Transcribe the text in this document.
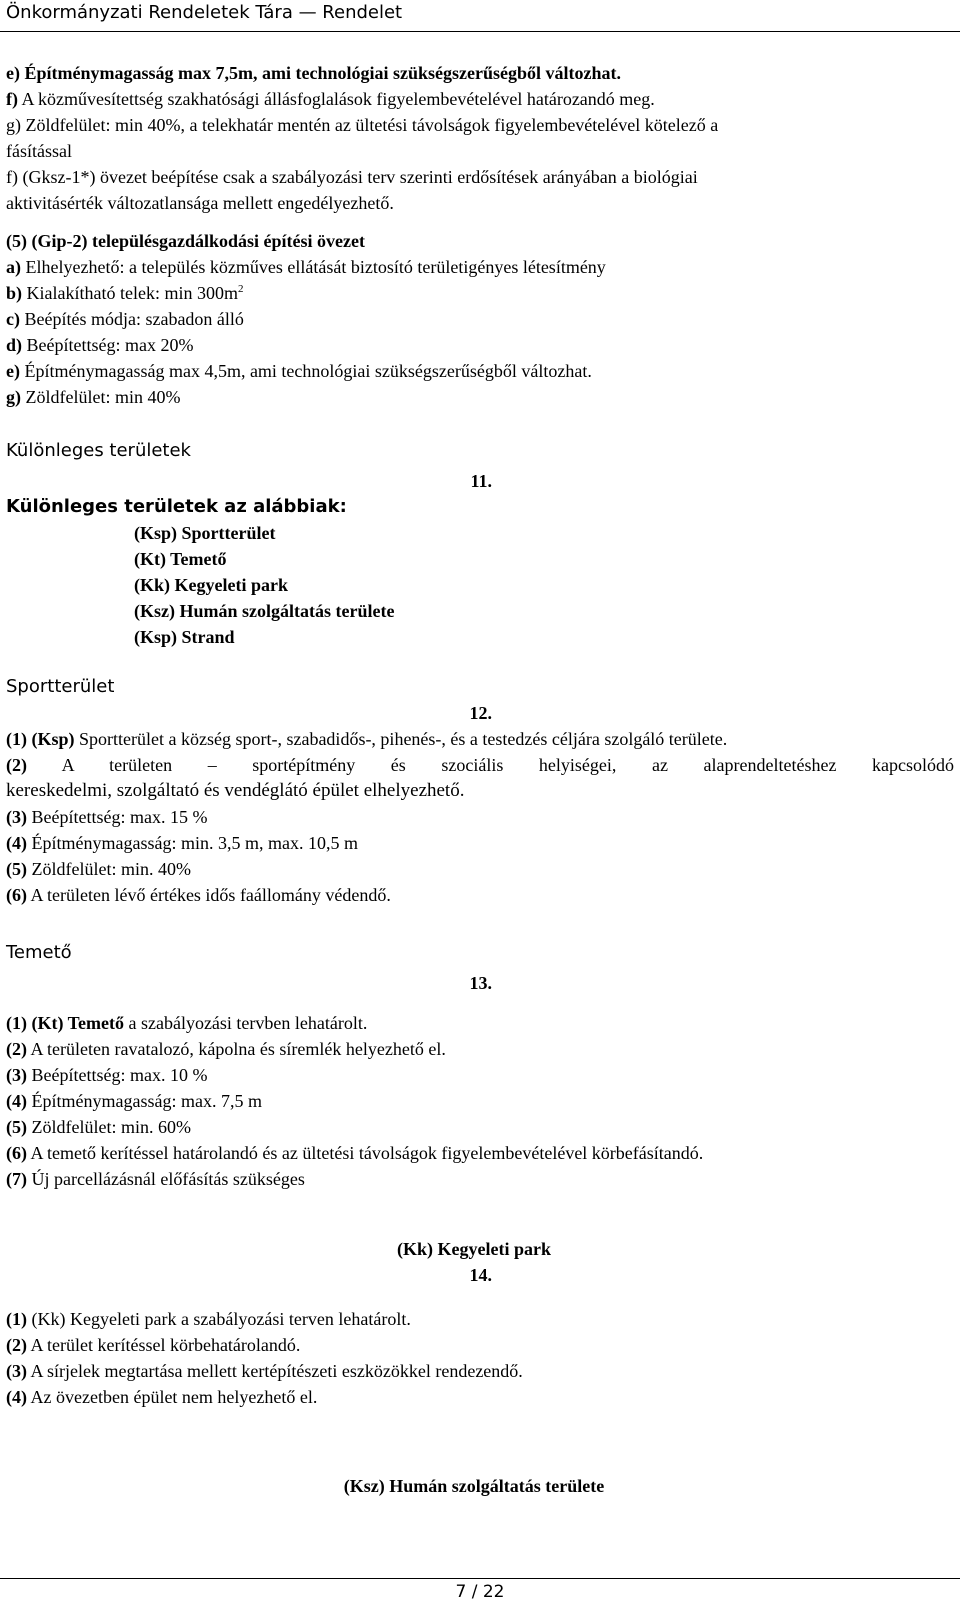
Önkormányzati Rendeletek Tára — Rendelet
e) Építménymagasság max 7,5m, ami technológiai szükségszerűségből változhat.
f) A közművesítettség szakhatósági állásfoglalások figyelembevételével határozandó meg.
g) Zöldfelület: min 40%, a telekhatár mentén az ültetési távolságok figyelembevételével kötelező a
fásítással
f) (Gksz-1*) övezet beépítése csak a szabályozási terv szerinti erdősítések arányában a biológiai
aktivitásérték változatlansága mellett engedélyezhető.
(5) (Gip-2) településgazdálkodási építési övezet
a) Elhelyezhető: a település közműves ellátását biztosító területigényes létesítmény
b) Kialakítható telek: $\min 300m^2$
c) Beépítés módja: szabadon álló
d) Beépítettség: max 20%
e) Építménymagasság max 4,5m, ami technológiai szükségszerűségből változhat.
g) Zöldfelület: min 40%
Különleges területek
11.
Különleges területek az alábbiak:
(Ksp) Sportterület
(Kt) Temető
(Kk) Kegyeleti park
(Ksz) Humán szolgáltatás területe
(Ksp) Strand
Sportterület
12.
(1) (Ksp) Sportterület a község sport-, szabadidős-, pihenés-, és a testedzés céljára szolgáló területe.
(2) A területen – sportépítmény és szociális helyiségei, az alaprendeltetéshez kapcsolódó
kereskedelmi, szolgáltató és vendéglátó épület elhelyezhető.
(3) Beépítettség: max. 15 %
(4) Építménymagasság: min. 3,5 m, max. 10,5 m
(5) Zöldfelület: min. 40%
(6) A területen lévő értékes idős faállomány védendő.
Temető
13.
(1) (Kt) Temető a szabályozási tervben lehatárolt.
(2) A területen ravatalozó, kápolna és síremlék helyezhető el.
(3) Beépítettség: max. 10 %
(4) Építménymagasság: max. 7,5 m
(5) Zöldfelület: min. 60%
(6) A temető kerítéssel határolandó és az ültetési távolságok figyelembevételével körbefásítandó.
(7) Új parcellázásnál előfásítás szükséges
(Kk) Kegyeleti park
14.
(1) (Kk) Kegyeleti park a szabályozási terven lehatárolt.
(2) A terület kerítéssel körbehatárolandó.
(3) A sírjelek megtartása mellett kertépítészeti eszközökkel rendezendő.
(4) Az övezetben épület nem helyezhető el.
(Ksz) Humán szolgáltatás területe
7 / 22
